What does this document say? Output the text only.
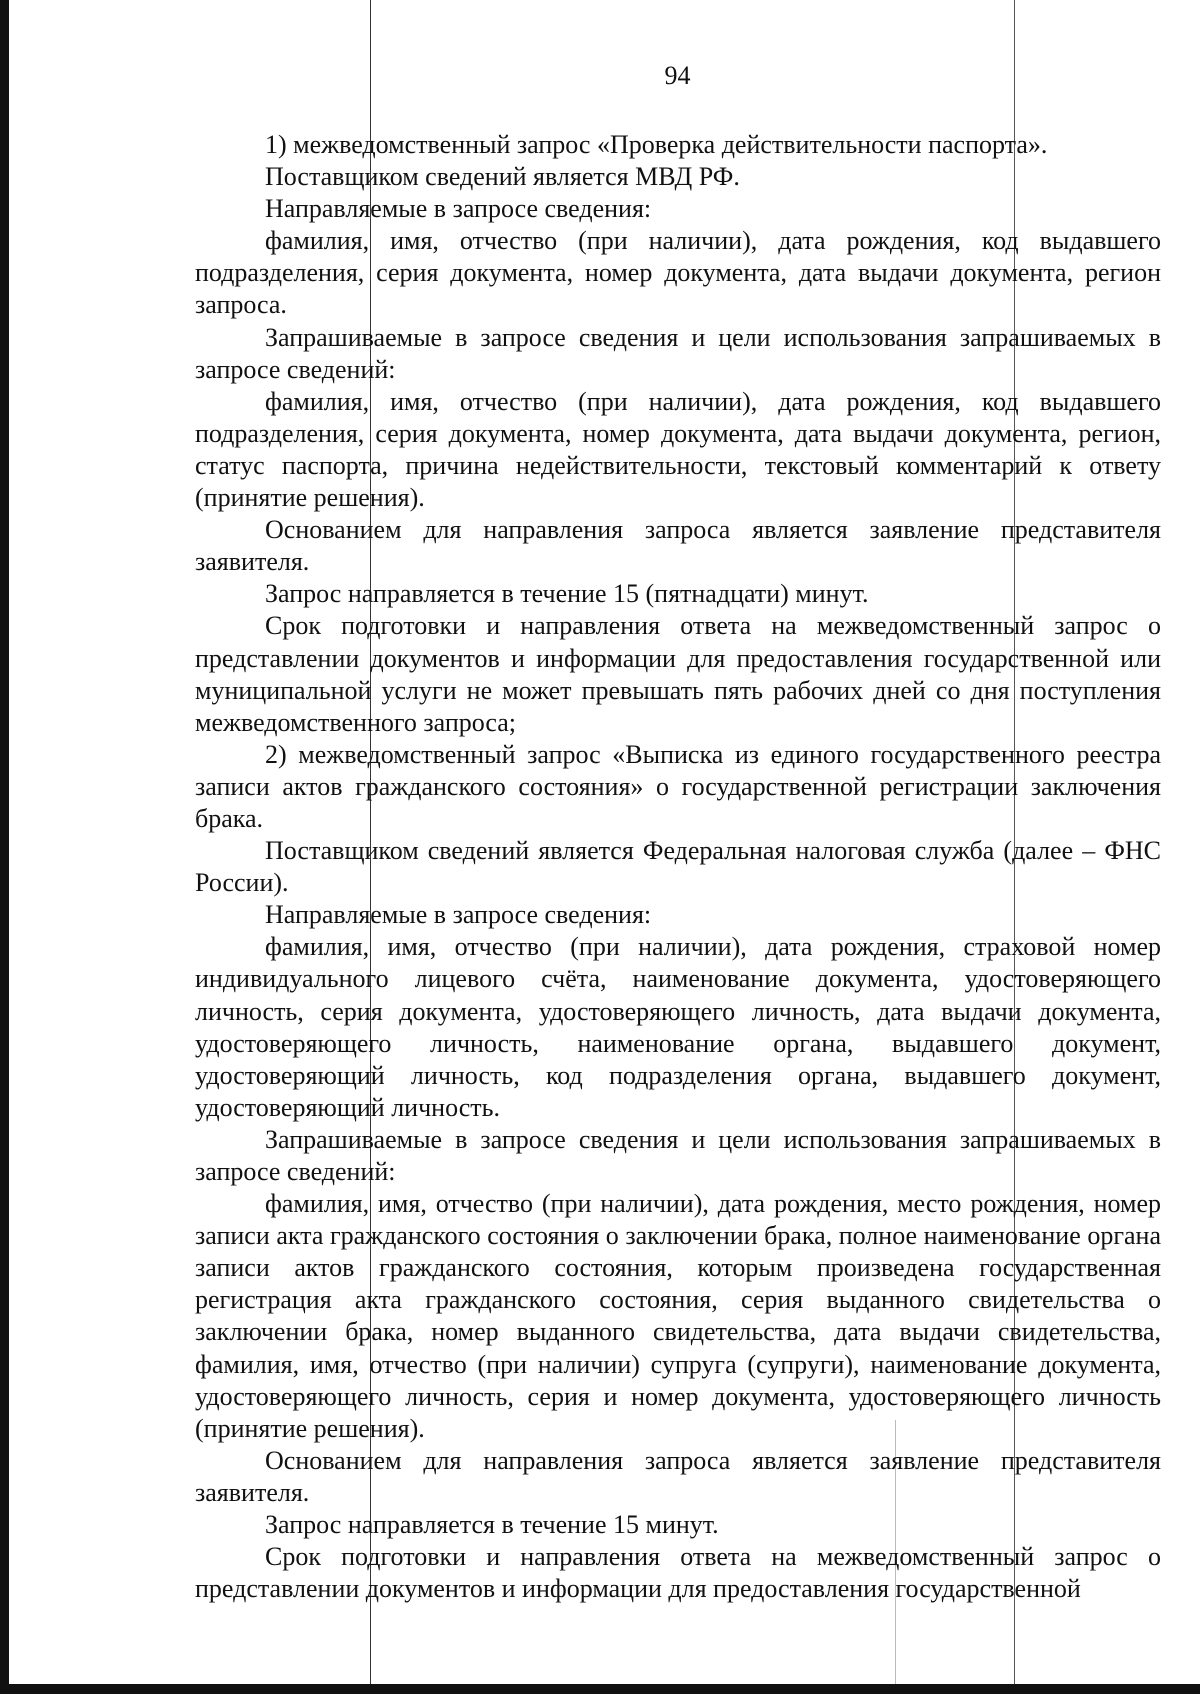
94

1) межведомственный запрос «Проверка действительности паспорта».

Поставщиком сведений является МВД РФ.

Направляемые в запросе сведения:

фамилия, имя, отчество (при наличии), дата рождения, код выдавшего подразделения, серия документа, номер документа, дата выдачи документа, регион запроса.

Запрашиваемые в запросе сведения и цели использования запрашиваемых в запросе сведений:

фамилия, имя, отчество (при наличии), дата рождения, код выдавшего подразделения, серия документа, номер документа, дата выдачи документа, регион, статус паспорта, причина недействительности, текстовый комментарий к ответу (принятие решения).

Основанием для направления запроса является заявление представителя заявителя.

Запрос направляется в течение 15 (пятнадцати) минут.

Срок подготовки и направления ответа на межведомственный запрос о представлении документов и информации для предоставления государственной или муниципальной услуги не может превышать пять рабочих дней со дня поступления межведомственного запроса;

2) межведомственный запрос «Выписка из единого государственного реестра записи актов гражданского состояния» о государственной регистрации заключения брака.

Поставщиком сведений является Федеральная налоговая служба (далее – ФНС России).

Направляемые в запросе сведения:

фамилия, имя, отчество (при наличии), дата рождения, страховой номер индивидуального лицевого счёта, наименование документа, удостоверяющего личность, серия документа, удостоверяющего личность, дата выдачи документа, удостоверяющего личность, наименование органа, выдавшего документ, удостоверяющий личность, код подразделения органа, выдавшего документ, удостоверяющий личность.

Запрашиваемые в запросе сведения и цели использования запрашиваемых в запросе сведений:

фамилия, имя, отчество (при наличии), дата рождения, место рождения, номер записи акта гражданского состояния о заключении брака, полное наименование органа записи актов гражданского состояния, которым произведена государственная регистрация акта гражданского состояния, серия выданного свидетельства о заключении брака, номер выданного свидетельства, дата выдачи свидетельства, фамилия, имя, отчество (при наличии) супруга (супруги), наименование документа, удостоверяющего личность, серия и номер документа, удостоверяющего личность (принятие решения).

Основанием для направления запроса является заявление представителя заявителя.

Запрос направляется в течение 15 минут.

Срок подготовки и направления ответа на межведомственный запрос о представлении документов и информации для предоставления государственной
